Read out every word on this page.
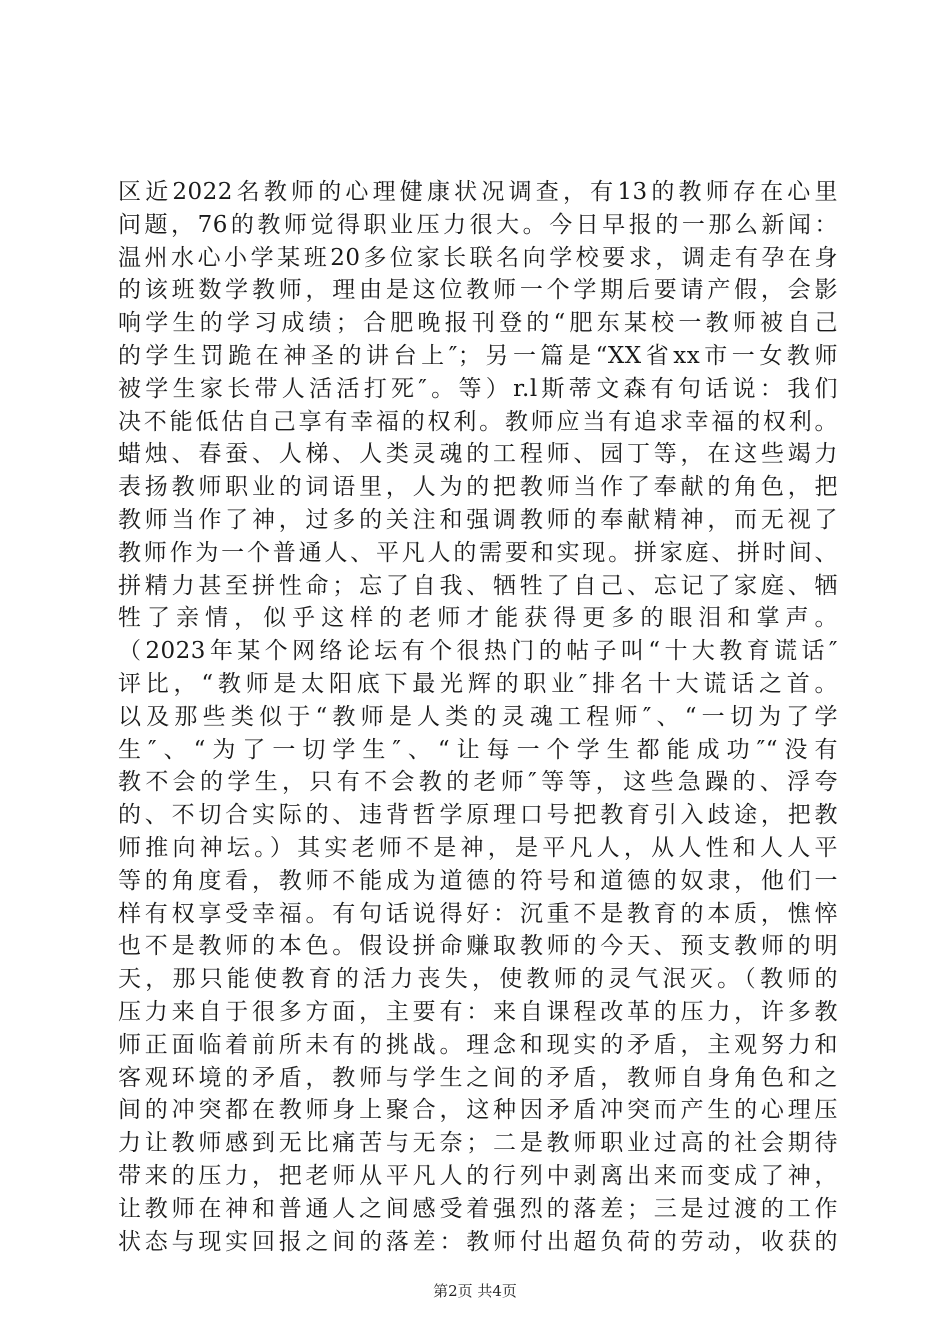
区近2022名教师的心理健康状况调查，有13的教师存在心里
问题，76的教师觉得职业压力很大。今日早报的一那么新闻：
温州水心小学某班20多位家长联名向学校要求，调走有孕在身
的该班数学教师，理由是这位教师一个学期后要请产假，会影
响学生的学习成绩；合肥晚报刊登的“肥东某校一教师被自己
的学生罚跪在神圣的讲台上″；另一篇是“XX省xx市一女教师
被学生家长带人活活打死″。等）r.l斯蒂文森有句话说：我们
决不能低估自己享有幸福的权利。教师应当有追求幸福的权利。
蜡烛、春蚕、人梯、人类灵魂的工程师、园丁等，在这些竭力
表扬教师职业的词语里，人为的把教师当作了奉献的角色，把
教师当作了神，过多的关注和强调教师的奉献精神，而无视了
教师作为一个普通人、平凡人的需要和实现。拼家庭、拼时间、
拼精力甚至拼性命；忘了自我、牺牲了自己、忘记了家庭、牺
牲了亲情，似乎这样的老师才能获得更多的眼泪和掌声。
（2023年某个网络论坛有个很热门的帖子叫“十大教育谎话″
评比，“教师是太阳底下最光辉的职业″排名十大谎话之首。
以及那些类似于“教师是人类的灵魂工程师″、“一切为了学
生″、“为了一切学生″、“让每一个学生都能成功″“没有
教不会的学生，只有不会教的老师″等等，这些急躁的、浮夸
的、不切合实际的、违背哲学原理口号把教育引入歧途，把教
师推向神坛。）其实老师不是神，是平凡人，从人性和人人平
等的角度看，教师不能成为道德的符号和道德的奴隶，他们一
样有权享受幸福。有句话说得好：沉重不是教育的本质，憔悴
也不是教师的本色。假设拼命赚取教师的今天、预支教师的明
天，那只能使教育的活力丧失，使教师的灵气泯灭。（教师的
压力来自于很多方面，主要有：来自课程改革的压力，许多教
师正面临着前所未有的挑战。理念和现实的矛盾，主观努力和
客观环境的矛盾，教师与学生之间的矛盾，教师自身角色和之
间的冲突都在教师身上聚合，这种因矛盾冲突而产生的心理压
力让教师感到无比痛苦与无奈；二是教师职业过高的社会期待
带来的压力，把老师从平凡人的行列中剥离出来而变成了神，
让教师在神和普通人之间感受着强烈的落差；三是过渡的工作
状态与现实回报之间的落差：教师付出超负荷的劳动，收获的
第2页 共4页
